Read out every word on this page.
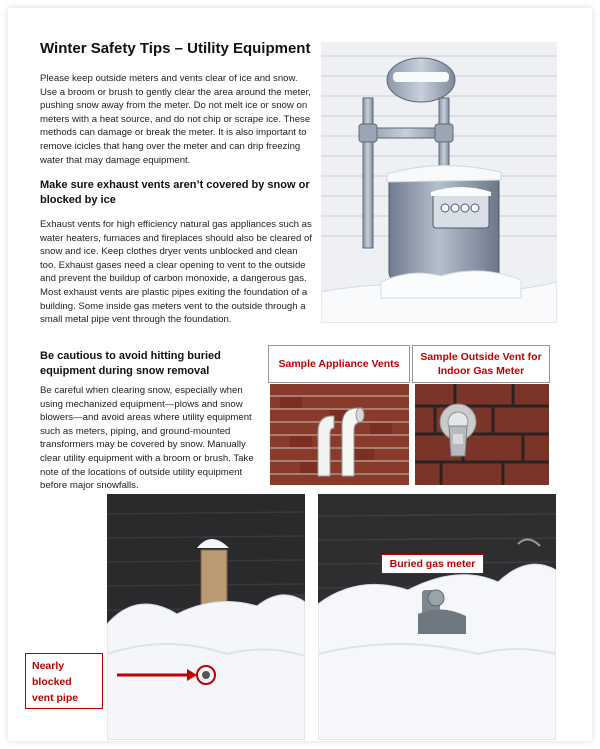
Winter Safety Tips – Utility Equipment

Please keep outside meters and vents clear of ice and snow. Use a broom or brush to gently clear the area around the meter, pushing snow away from the meter. Do not melt ice or snow on meters with a heat source, and do not chip or scrape ice. These methods can damage or break the meter. It is also important to remove icicles that hang over the meter and can drip freezing water that may damage equipment.

Make sure exhaust vents aren’t covered by snow or blocked by ice

Exhaust vents for high efficiency natural gas appliances such as water heaters, furnaces and fireplaces should also be cleared of snow and ice. Keep clothes dryer vents unblocked and clean too. Exhaust gases need a clear opening to vent to the outside and prevent the buildup of carbon monoxide, a dangerous gas. Most exhaust vents are plastic pipes exiting the foundation of a building. Some inside gas meters vent to the outside through a small metal pipe vent through the foundation.

Be cautious to avoid hitting buried equipment during snow removal

Be careful when clearing snow, especially when using mechanized equipment—plows and snow blowers—and avoid areas where utility equipment such as meters, piping, and ground-mounted transformers may be covered by snow. Manually clear utility equipment with a broom or brush. Take note of the locations of outside utility equipment before major snowfalls.

Sample Appliance Vents
Sample Outside Vent for Indoor Gas Meter
Nearly blocked vent pipe
Buried gas meter
